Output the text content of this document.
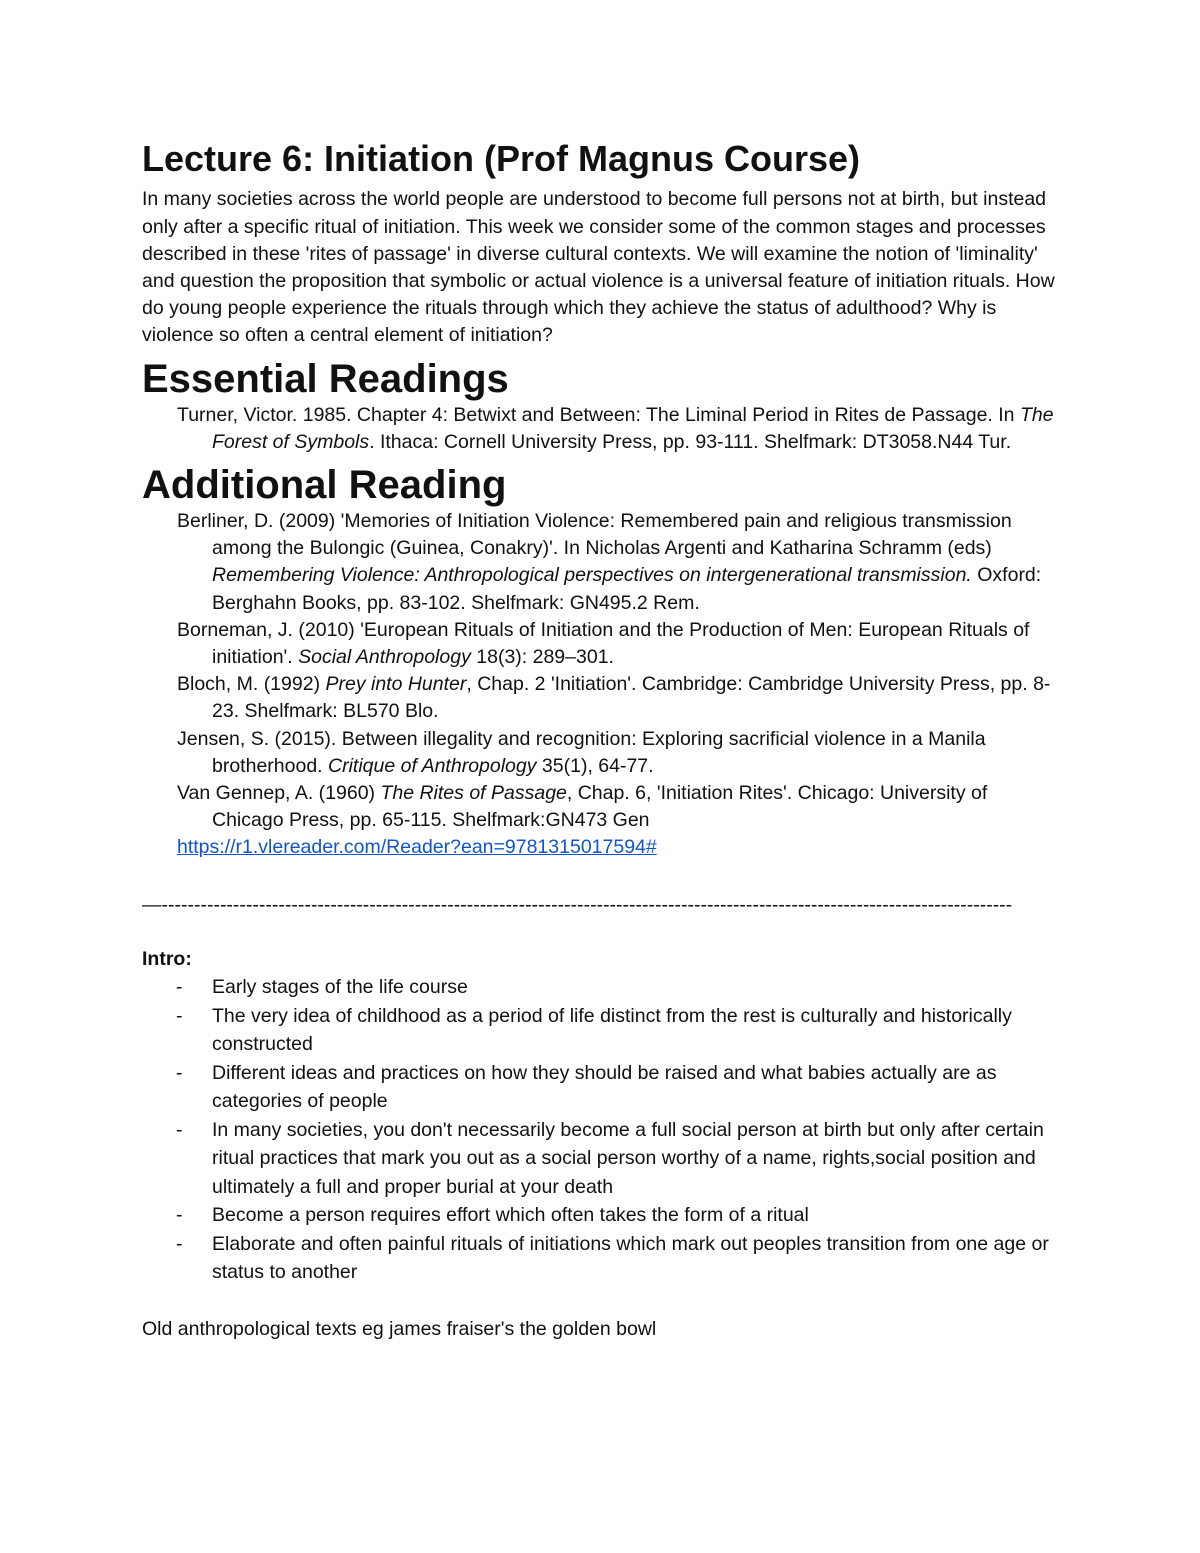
Lecture 6: Initiation (Prof Magnus Course)

In many societies across the world people are understood to become full persons not at birth, but instead only after a specific ritual of initiation. This week we consider some of the common stages and processes described in these 'rites of passage' in diverse cultural contexts. We will examine the notion of 'liminality' and question the proposition that symbolic or actual violence is a universal feature of initiation rituals. How do young people experience the rituals through which they achieve the status of adulthood? Why is violence so often a central element of initiation?

Essential Readings

Turner, Victor. 1985. Chapter 4: Betwixt and Between: The Liminal Period in Rites de Passage. In The Forest of Symbols. Ithaca: Cornell University Press, pp. 93-111. Shelfmark: DT3058.N44 Tur.

Additional Reading

Berliner, D. (2009) 'Memories of Initiation Violence: Remembered pain and religious transmission among the Bulongic (Guinea, Conakry)'. In Nicholas Argenti and Katharina Schramm (eds) Remembering Violence: Anthropological perspectives on intergenerational transmission. Oxford: Berghahn Books, pp. 83-102. Shelfmark: GN495.2 Rem.

Borneman, J. (2010) 'European Rituals of Initiation and the Production of Men: European Rituals of initiation'. Social Anthropology 18(3): 289–301.

Bloch, M. (1992) Prey into Hunter, Chap. 2 'Initiation'. Cambridge: Cambridge University Press, pp. 8-23. Shelfmark: BL570 Blo.

Jensen, S. (2015). Between illegality and recognition: Exploring sacrificial violence in a Manila brotherhood. Critique of Anthropology 35(1), 64-77.

Van Gennep, A. (1960) The Rites of Passage, Chap. 6, 'Initiation Rites'. Chicago: University of Chicago Press, pp. 65-115. Shelfmark:GN473 Gen

https://r1.vlereader.com/Reader?ean=9781315017594#
—-----------------------------------------------------------------------------------------------------------------------------------
Intro:
- Early stages of the life course
- The very idea of childhood as a period of life distinct from the rest is culturally and historically constructed
- Different ideas and practices on how they should be raised and what babies actually are as categories of people
- In many societies, you don't necessarily become a full social person at birth but only after certain ritual practices that mark you out as a social person worthy of a name, rights,social position and ultimately a full and proper burial at your death
- Become a person requires effort which often takes the form of a ritual
- Elaborate and often painful rituals of initiations which mark out peoples transition from one age or status to another

Old anthropological texts eg james fraiser's the golden bowl
